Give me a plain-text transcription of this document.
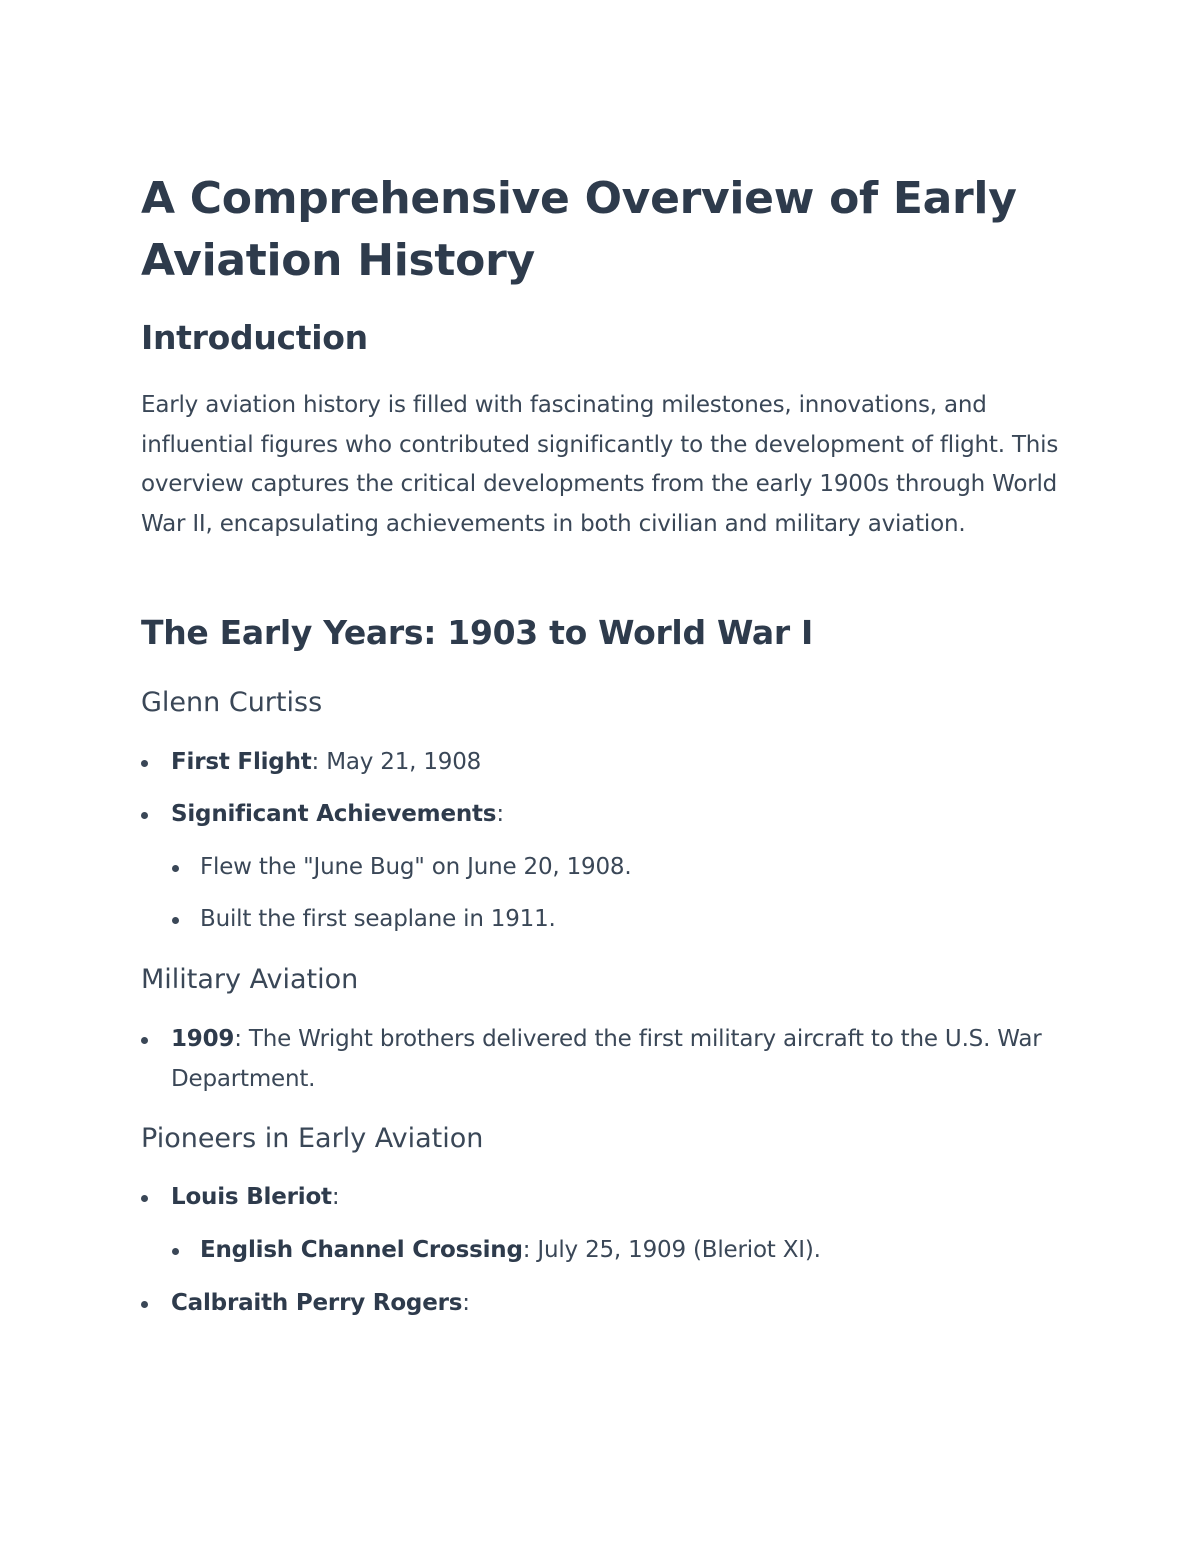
A Comprehensive Overview of Early Aviation History
Introduction

Early aviation history is filled with fascinating milestones, innovations, and influential figures who contributed significantly to the development of flight. This overview captures the critical developments from the early 1900s through World War II, encapsulating achievements in both civilian and military aviation.

The Early Years: 1903 to World War I
Glenn Curtiss
First Flight: May 21, 1908
Significant Achievements:
Flew the "June Bug" on June 20, 1908.
Built the first seaplane in 1911.
Military Aviation
1909: The Wright brothers delivered the first military aircraft to the U.S. War Department.
Pioneers in Early Aviation
Louis Bleriot:
English Channel Crossing: July 25, 1909 (Bleriot XI).
Calbraith Perry Rogers:
